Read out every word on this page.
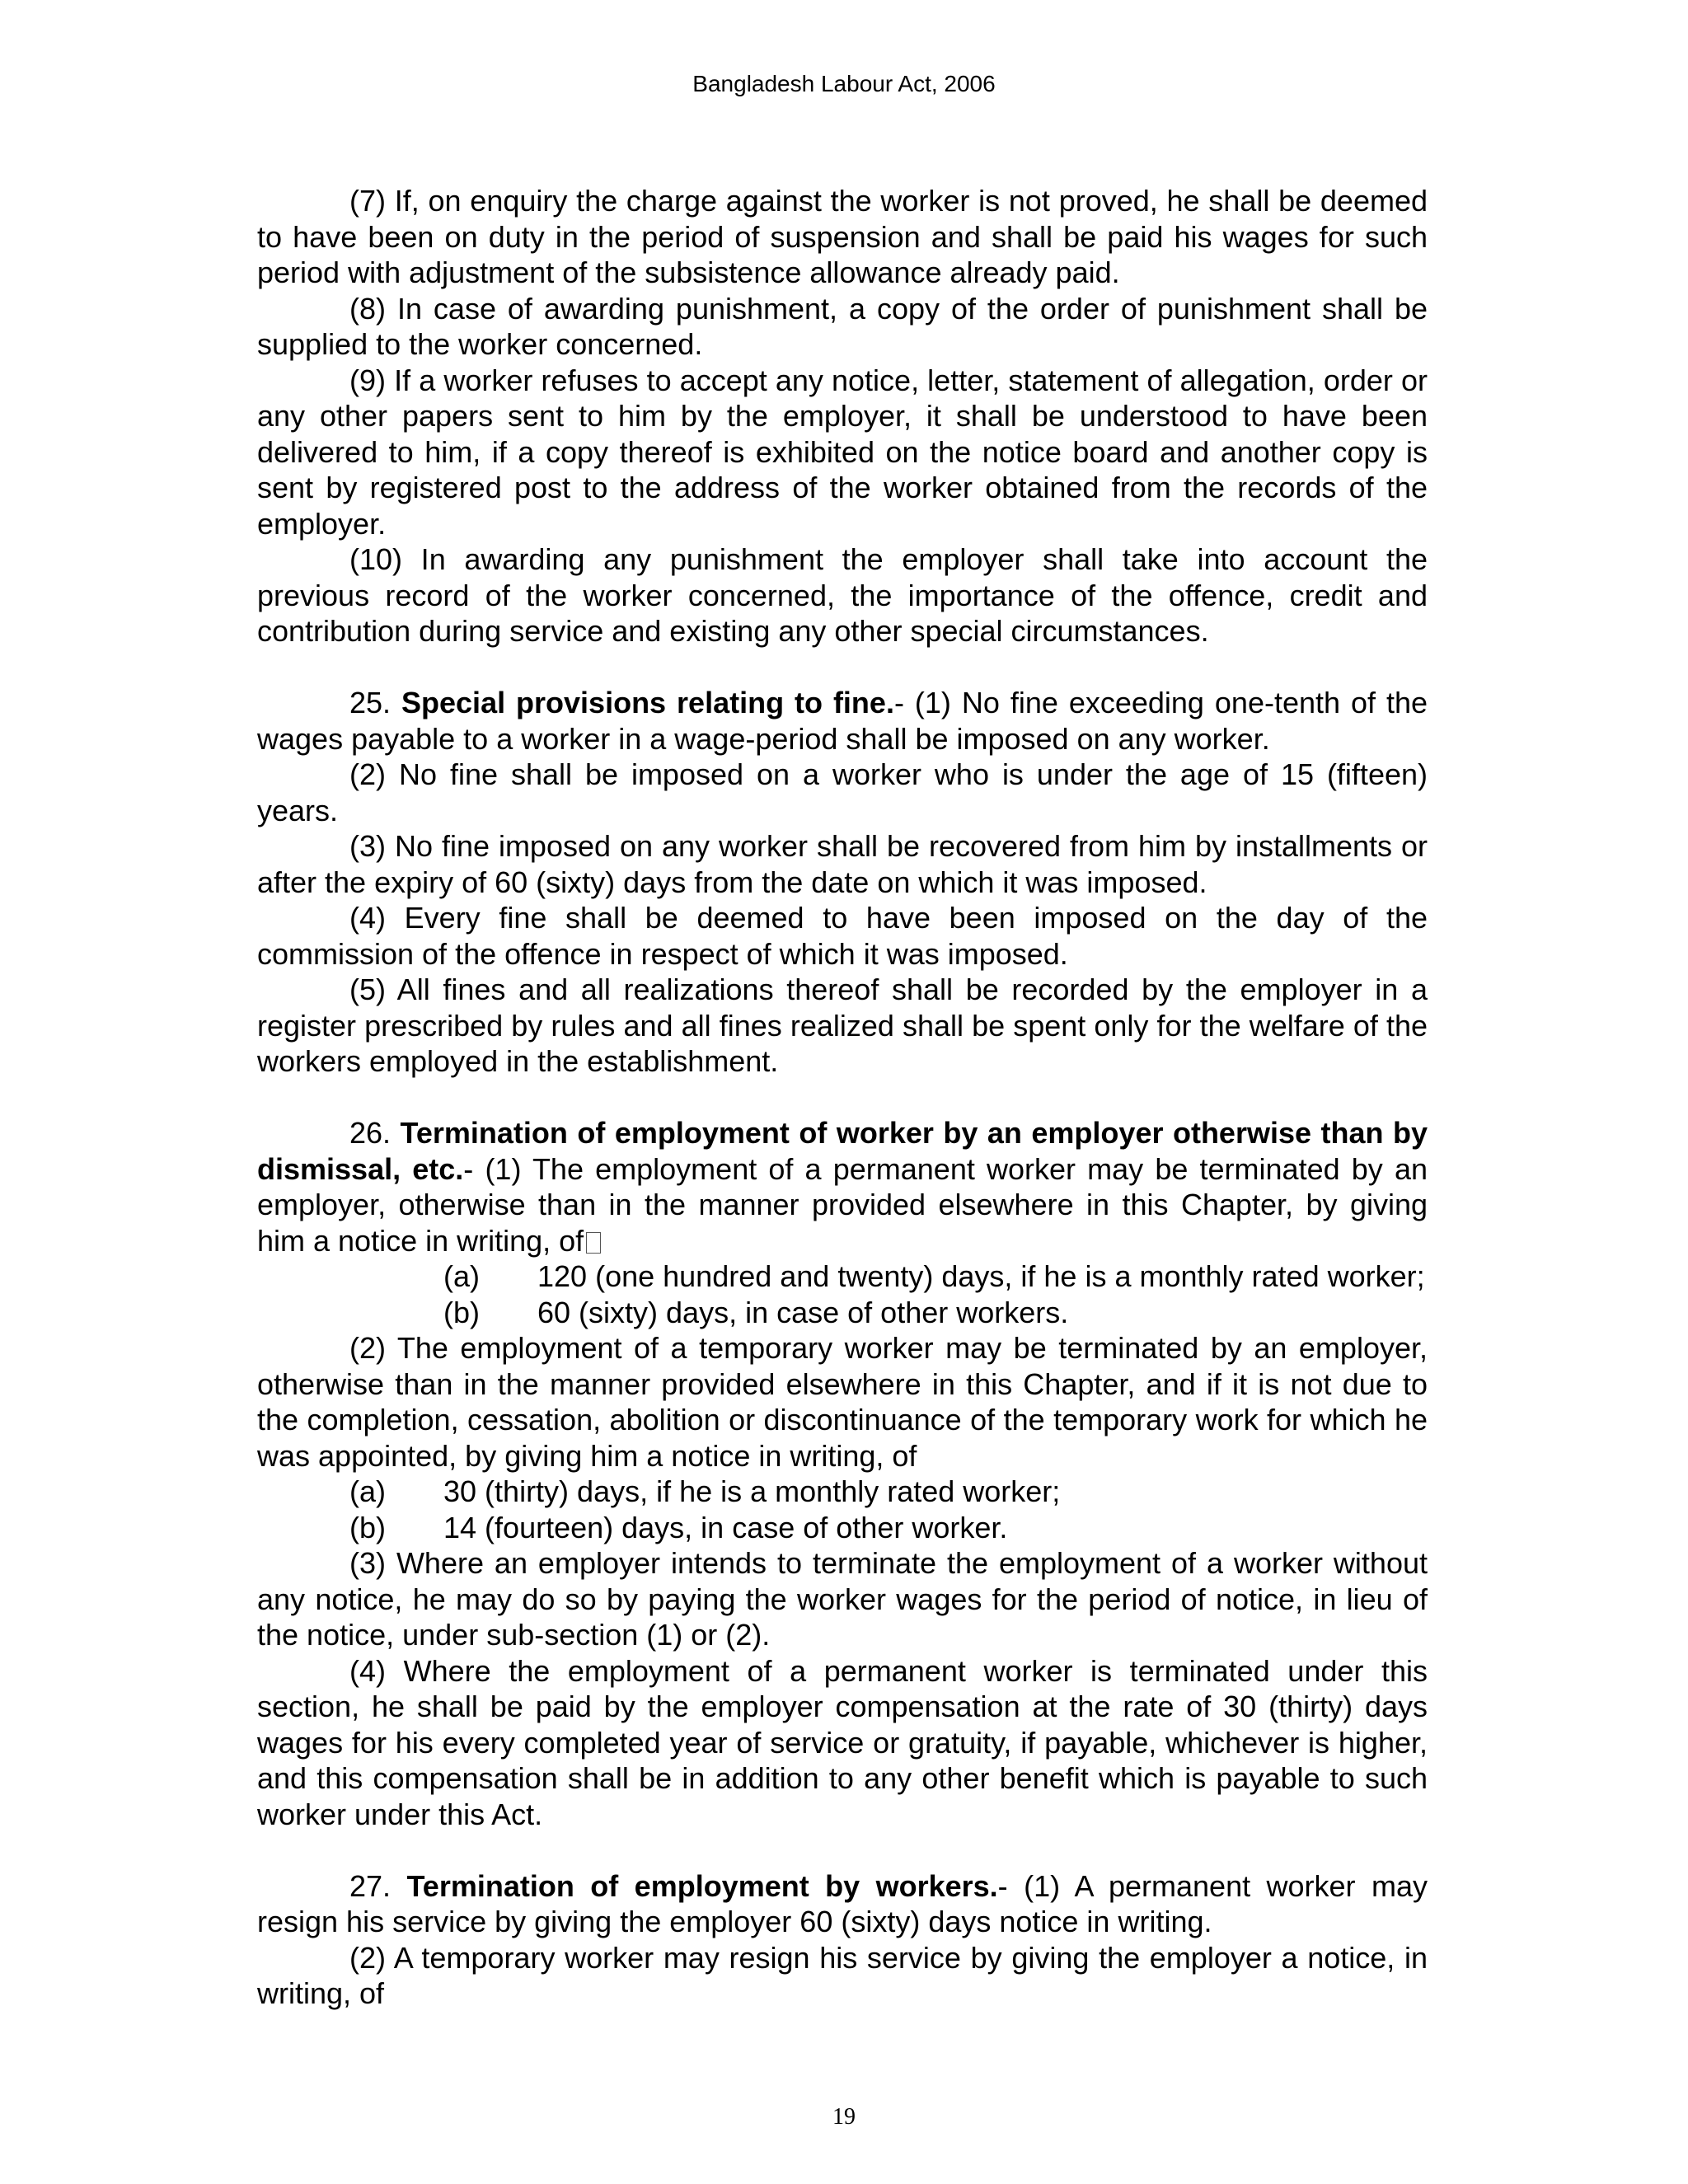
Bangladesh Labour Act, 2006

(7) If, on enquiry the charge against the worker is not proved, he shall be deemed to have been on duty in the period of suspension and shall be paid his wages for such period with adjustment of the subsistence allowance already paid.

(8) In case of awarding punishment, a copy of the order of punishment shall be supplied to the worker concerned.

(9) If a worker refuses to accept any notice, letter, statement of allegation, order or any other papers sent to him by the employer, it shall be understood to have been delivered to him, if a copy thereof is exhibited on the notice board and another copy is sent by registered post to the address of the worker obtained from the records of the employer.

(10) In awarding any punishment the employer shall take into account the previous record of the worker concerned, the importance of the offence, credit and contribution during service and existing any other special circumstances.

25. Special provisions relating to fine.- (1) No fine exceeding one-tenth of the wages payable to a worker in a wage-period shall be imposed on any worker.

(2) No fine shall be imposed on a worker who is under the age of 15 (fifteen) years.

(3) No fine imposed on any worker shall be recovered from him by installments or after the expiry of 60 (sixty) days from the date on which it was imposed.

(4) Every fine shall be deemed to have been imposed on the day of the commission of the offence in respect of which it was imposed.

(5) All fines and all realizations thereof shall be recorded by the employer in a register prescribed by rules and all fines realized shall be spent only for the welfare of the workers employed in the establishment.

26. Termination of employment of worker by an employer otherwise than by dismissal, etc.- (1) The employment of a permanent worker may be terminated by an employer, otherwise than in the manner provided elsewhere in this Chapter, by giving him a notice in writing, of

(a) 120 (one hundred and twenty) days, if he is a monthly rated worker;

(b) 60 (sixty) days, in case of other workers.

(2) The employment of a temporary worker may be terminated by an employer, otherwise than in the manner provided elsewhere in this Chapter, and if it is not due to the completion, cessation, abolition or discontinuance of the temporary work for which he was appointed, by giving him a notice in writing, of

(a) 30 (thirty) days, if he is a monthly rated worker;

(b) 14 (fourteen) days, in case of other worker.

(3) Where an employer intends to terminate the employment of a worker without any notice, he may do so by paying the worker wages for the period of notice, in lieu of the notice, under sub-section (1) or (2).

(4) Where the employment of a permanent worker is terminated under this section, he shall be paid by the employer compensation at the rate of 30 (thirty) days wages for his every completed year of service or gratuity, if payable, whichever is higher, and this compensation shall be in addition to any other benefit which is payable to such worker under this Act.

27. Termination of employment by workers.- (1) A permanent worker may resign his service by giving the employer 60 (sixty) days notice in writing.

(2) A temporary worker may resign his service by giving the employer a notice, in writing, of

19
